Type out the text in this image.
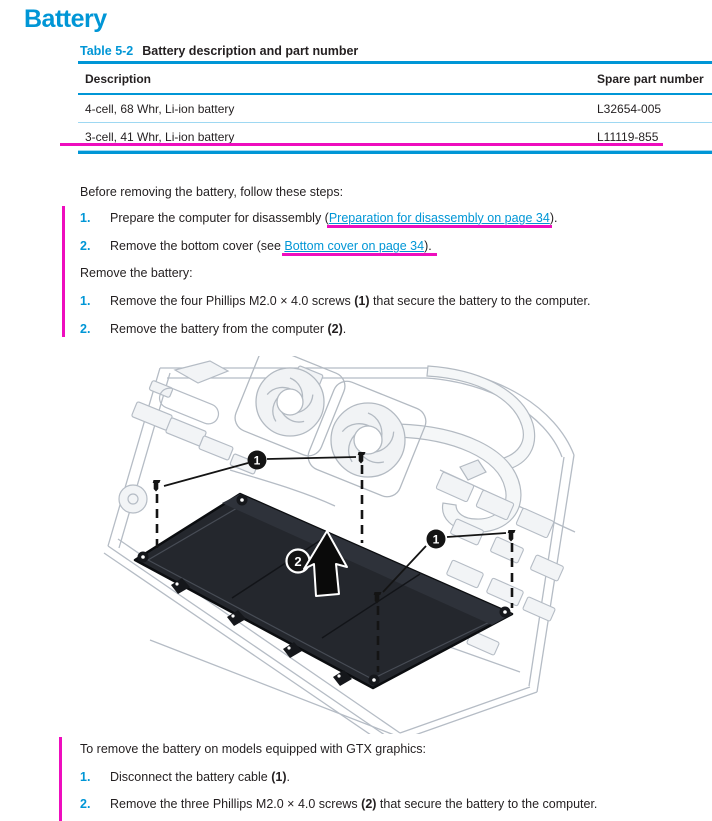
Battery
Table 5-2 Battery description and part number
Description	Spare part number
4-cell, 68 Whr, Li-ion battery	L32654-005
3-cell, 41 Whr, Li-ion battery	L11119-855
Before removing the battery, follow these steps:
1.	Prepare the computer for disassembly (Preparation for disassembly on page 34).
2.	Remove the bottom cover (see Bottom cover on page 34).
Remove the battery:
1.	Remove the four Phillips M2.0 × 4.0 screws (1) that secure the battery to the computer.
2.	Remove the battery from the computer (2).
1
1
2
To remove the battery on models equipped with GTX graphics:
1.	Disconnect the battery cable (1).
2.	Remove the three Phillips M2.0 × 4.0 screws (2) that secure the battery to the computer.
